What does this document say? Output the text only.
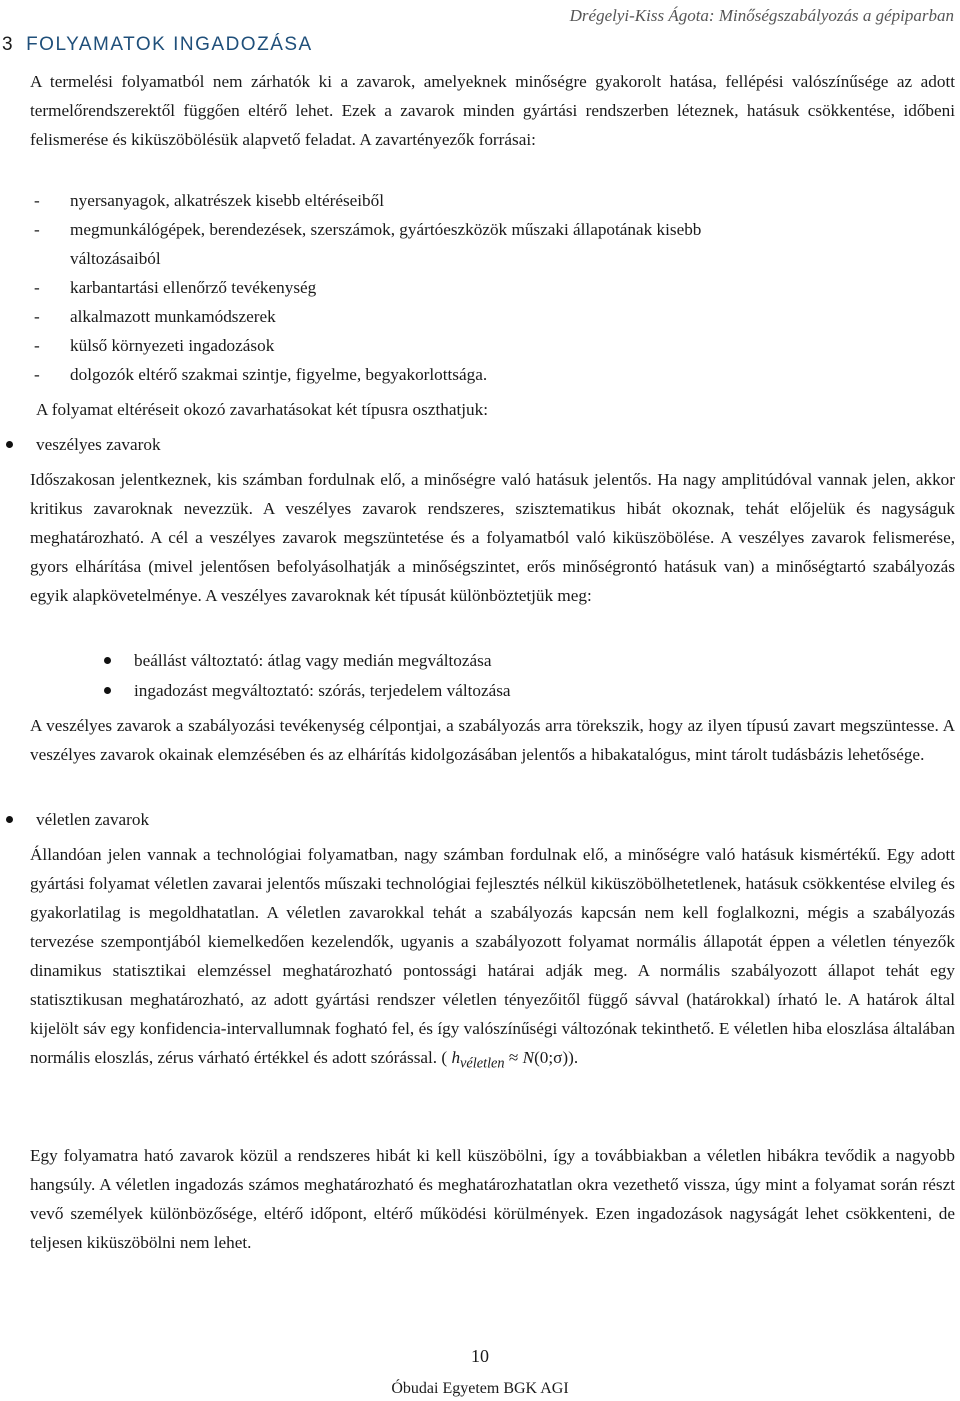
Drégelyi-Kiss Ágota: Minőségszabályozás a gépiparban
3 FOLYAMATOK INGADOZÁSA

A termelési folyamatból nem zárhatók ki a zavarok, amelyeknek minőségre gyakorolt hatása, fellépési valószínűsége az adott termelőrendszerektől függően eltérő lehet. Ezek a zavarok minden gyártási rendszerben léteznek, hatásuk csökkentése, időbeni felismerése és kiküszöbölésük alapvető feladat. A zavartényezők forrásai:

- nyersanyagok, alkatrészek kisebb eltéréseiből
-	megmunkálógépek, berendezések, szerszámok, gyártóeszközök műszaki állapotának kisebb
változásaiból
- karbantartási ellenőrző tevékenység
- alkalmazott munkamódszerek
- külső környezeti ingadozások
- dolgozók eltérő szakmai szintje, figyelme, begyakorlottsága.
A folyamat eltéréseit okozó zavarhatásokat két típusra oszthatjuk:
veszélyes zavarok

Időszakosan jelentkeznek, kis számban fordulnak elő, a minőségre való hatásuk jelentős. Ha nagy amplitúdóval vannak jelen, akkor kritikus zavaroknak nevezzük. A veszélyes zavarok rendszeres, szisztematikus hibát okoznak, tehát előjelük és nagyságuk meghatározható. A cél a veszélyes zavarok megszüntetése és a folyamatból való kiküszöbölése. A veszélyes zavarok felismerése, gyors elhárítása (mivel jelentősen befolyásolhatják a minőségszintet, erős minőségrontó hatásuk van) a minőségtartó szabályozás egyik alapkövetelménye. A veszélyes zavaroknak két típusát különböztetjük meg:

beállást változtató: átlag vagy medián megváltozása
ingadozást megváltoztató: szórás, terjedelem változása

A veszélyes zavarok a szabályozási tevékenység célpontjai, a szabályozás arra törekszik, hogy az ilyen típusú zavart megszüntesse. A veszélyes zavarok okainak elemzésében és az elhárítás kidolgozásában jelentős a hibakatalógus, mint tárolt tudásbázis lehetősége.

véletlen zavarok

Állandóan jelen vannak a technológiai folyamatban, nagy számban fordulnak elő, a minőségre való hatásuk kismértékű. Egy adott gyártási folyamat véletlen zavarai jelentős műszaki technológiai fejlesztés nélkül kiküszöbölhetetlenek, hatásuk csökkentése elvileg és gyakorlatilag is megoldhatatlan. A véletlen zavarokkal tehát a szabályozás kapcsán nem kell foglalkozni, mégis a szabályozás tervezése szempontjából kiemelkedően kezelendők, ugyanis a szabályozott folyamat normális állapotát éppen a véletlen tényezők dinamikus statisztikai elemzéssel meghatározható pontossági határai adják meg. A normális szabályozott állapot tehát egy statisztikusan meghatározható, az adott gyártási rendszer véletlen tényezőitől függő sávval (határokkal) írható le. A határok által kijelölt sáv egy konfidencia-intervallumnak fogható fel, és így valószínűségi változónak tekinthető. E véletlen hiba eloszlása általában normális eloszlás, zérus várható értékkel és adott szórással. ( $h_{véletlen}$ ≈ N(0;σ)).

Egy folyamatra ható zavarok közül a rendszeres hibát ki kell küszöbölni, így a továbbiakban a véletlen hibákra tevődik a nagyobb hangsúly. A véletlen ingadozás számos meghatározható és meghatározhatatlan okra vezethető vissza, úgy mint a folyamat során részt vevő személyek különbözősége, eltérő időpont, eltérő működési körülmények. Ezen ingadozások nagyságát lehet csökkenteni, de teljesen kiküszöbölni nem lehet.

10
Óbudai Egyetem BGK AGI
